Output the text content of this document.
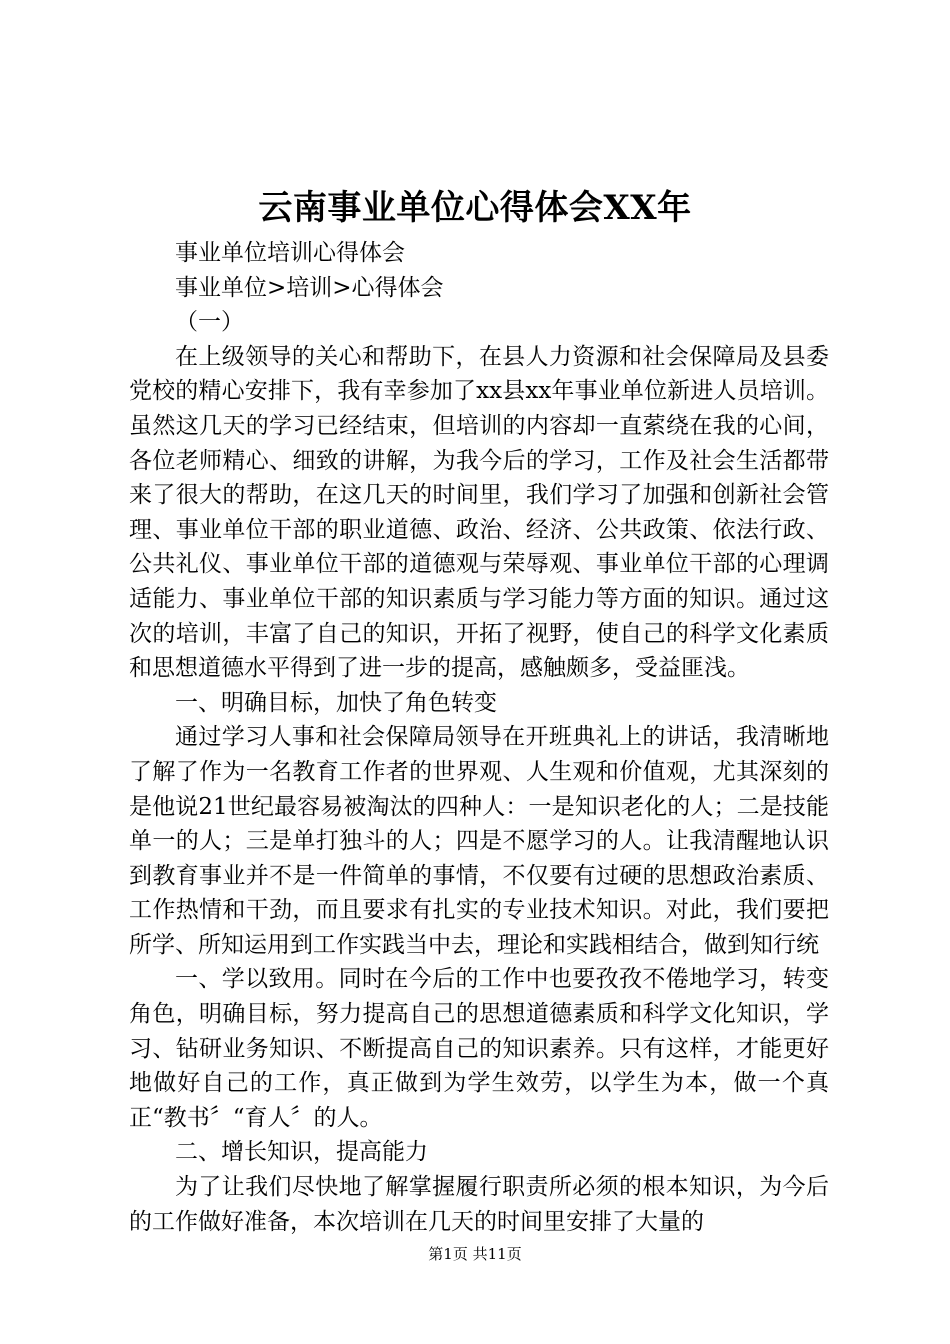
云南事业单位心得体会XX年

事业单位培训心得体会

事业单位>培训>心得体会

（一）

在上级领导的关心和帮助下，在县人力资源和社会保障局及县委党校的精心安排下，我有幸参加了xx县xx年事业单位新进人员培训。虽然这几天的学习已经结束，但培训的内容却一直萦绕在我的心间，各位老师精心、细致的讲解，为我今后的学习，工作及社会生活都带来了很大的帮助，在这几天的时间里，我们学习了加强和创新社会管理、事业单位干部的职业道德、政治、经济、公共政策、依法行政、公共礼仪、事业单位干部的道德观与荣辱观、事业单位干部的心理调适能力、事业单位干部的知识素质与学习能力等方面的知识。通过这次的培训，丰富了自己的知识，开拓了视野，使自己的科学文化素质和思想道德水平得到了进一步的提高，感触颇多，受益匪浅。

一、明确目标，加快了角色转变

通过学习人事和社会保障局领导在开班典礼上的讲话，我清晰地了解了作为一名教育工作者的世界观、人生观和价值观，尤其深刻的是他说21世纪最容易被淘汰的四种人：一是知识老化的人；二是技能单一的人；三是单打独斗的人；四是不愿学习的人。让我清醒地认识到教育事业并不是一件简单的事情，不仅要有过硬的思想政治素质、工作热情和干劲，而且要求有扎实的专业技术知识。对此，我们要把所学、所知运用到工作实践当中去，理论和实践相结合，做到知行统

一、学以致用。同时在今后的工作中也要孜孜不倦地学习，转变角色，明确目标，努力提高自己的思想道德素质和科学文化知识，学习、钻研业务知识、不断提高自己的知识素养。只有这样，才能更好地做好自己的工作，真正做到为学生效劳，以学生为本，做一个真正“教书〞“育人〞的人。

二、增长知识，提高能力

为了让我们尽快地了解掌握履行职责所必须的根本知识，为今后的工作做好准备，本次培训在几天的时间里安排了大量的

第1页 共11页
